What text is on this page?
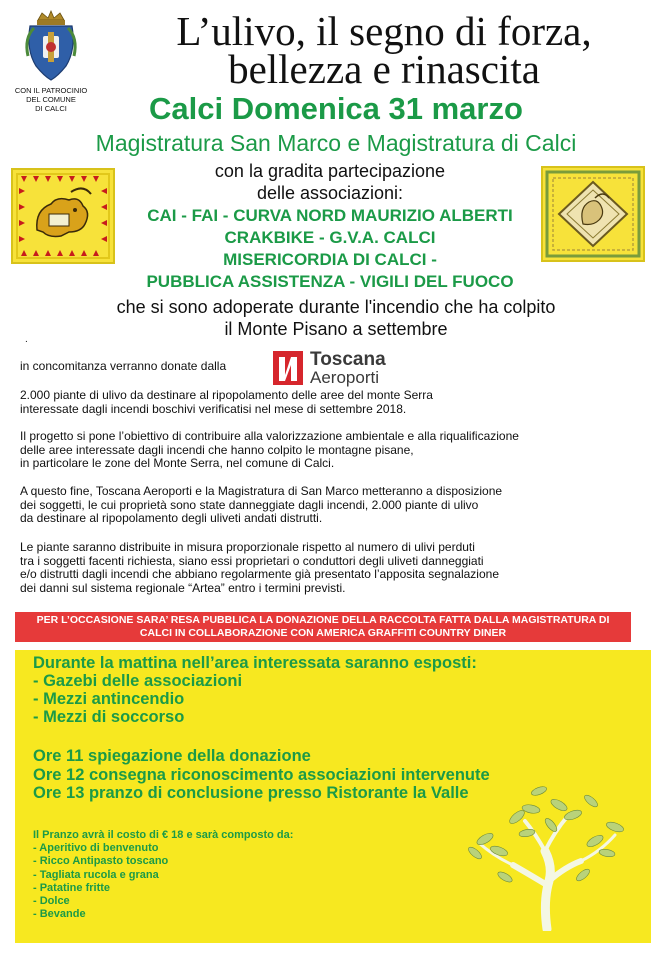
CON IL PATROCINIO
DEL COMUNE
DI CALCI
L’ulivo, il segno di forza,
bellezza e rinascita
Calci Domenica 31 marzo
Magistratura San Marco e Magistratura di Calci
con la gradita partecipazione
delle associazioni:
CAI - FAI - CURVA NORD MAURIZIO ALBERTI
CRAKBIKE - G.V.A. CALCI
MISERICORDIA DI CALCI -
PUBBLICA ASSISTENZA - VIGILI DEL FUOCO
che si sono adoperate durante l'incendio che ha colpito
il Monte Pisano a settembre
.
in concomitanza verranno donate dalla	Toscana
Aeroporti
2.000 piante di ulivo da destinare al ripopolamento delle aree del monte Serra
interessate dagli incendi boschivi verificatisi nel mese di settembre 2018.
Il progetto si pone l’obiettivo di contribuire alla valorizzazione ambientale e alla riqualificazione
delle aree interessate dagli incendi che hanno colpito le montagne pisane,
in particolare le zone del Monte Serra, nel comune di Calci.
A questo fine, Toscana Aeroporti e la Magistratura di San Marco metteranno a disposizione
dei soggetti, le cui proprietà sono state danneggiate dagli incendi, 2.000 piante di ulivo
da destinare al ripopolamento degli uliveti andati distrutti.
Le piante saranno distribuite in misura proporzionale rispetto al numero di ulivi perduti
tra i soggetti facenti richiesta, siano essi proprietari o conduttori degli uliveti danneggiati
e/o distrutti dagli incendi che abbiano regolarmente già presentato l’apposita segnalazione
dei danni sul sistema regionale “Artea” entro i termini previsti.
PER L’OCCASIONE SARA’ RESA PUBBLICA LA DONAZIONE DELLA RACCOLTA FATTA DALLA MAGISTRATURA DI
CALCI IN COLLABORAZIONE CON AMERICA GRAFFITI COUNTRY DINER
Durante la mattina nell’area interessata saranno esposti:
- Gazebi delle associazioni
- Mezzi antincendio
- Mezzi di soccorso
Ore 11 spiegazione della donazione
Ore 12 consegna riconoscimento associazioni intervenute
Ore 13 pranzo di conclusione presso Ristorante la Valle
Il Pranzo avrà il costo di € 18 e sarà composto da:
- Aperitivo di benvenuto
- Ricco Antipasto toscano
- Tagliata rucola e grana
- Patatine fritte
- Dolce
- Bevande
